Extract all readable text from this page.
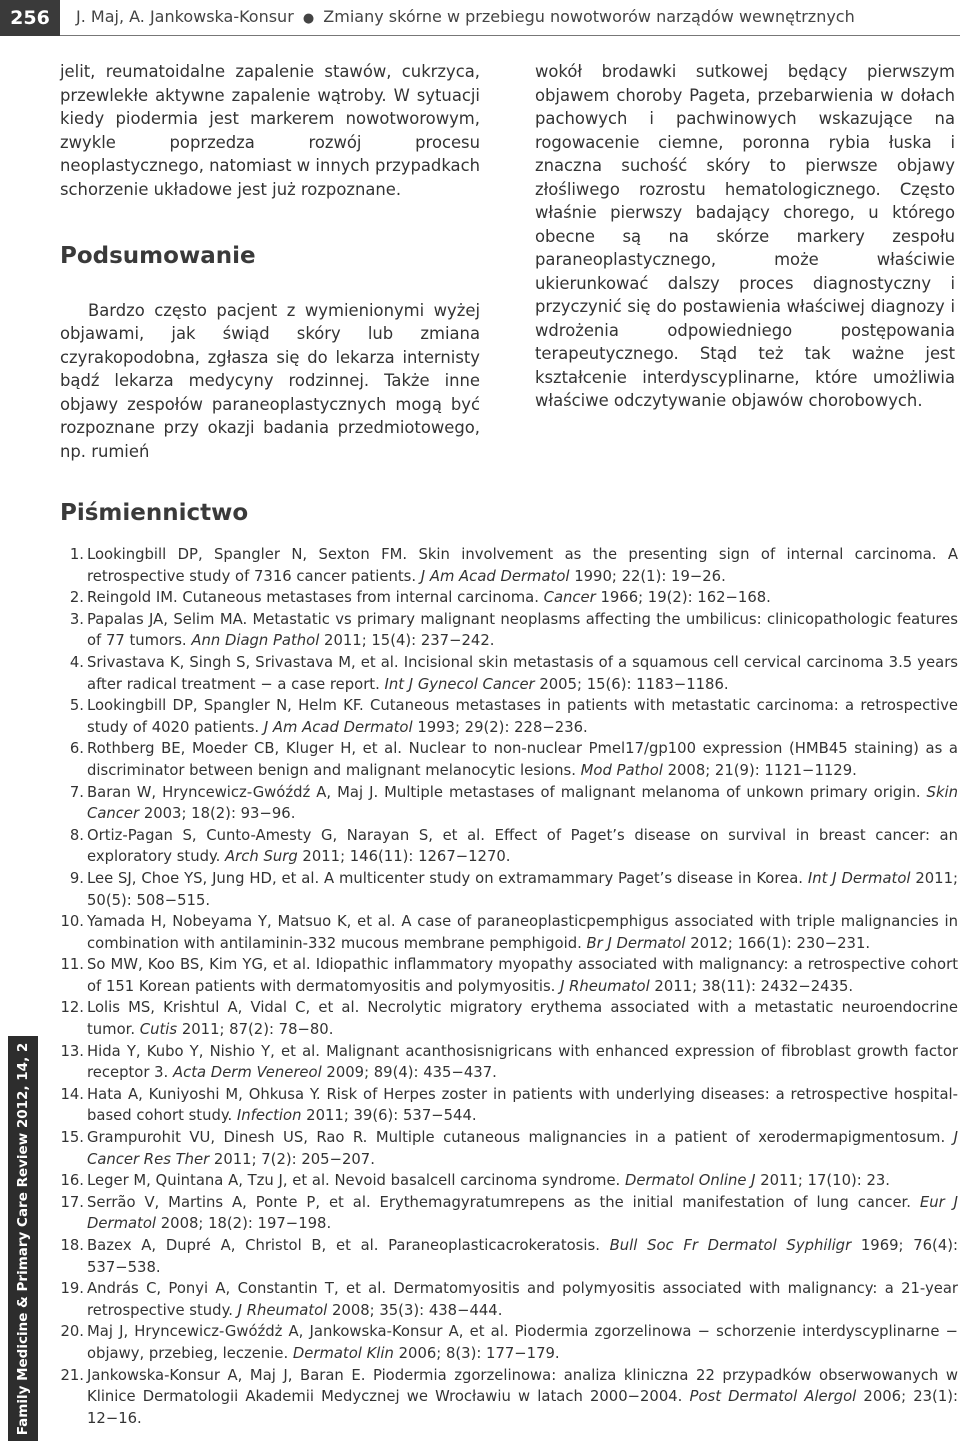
256	J. Maj, A. Jankowska-Konsur ● Zmiany skórne w przebiegu nowotworów narządów wewnętrznych

jelit, reumatoidalne zapalenie stawów, cukrzyca, przewlekłe aktywne zapalenie wątroby. W sytuacji kiedy piodermia jest markerem nowotworowym, zwykle poprzedza rozwój procesu neoplastycznego, natomiast w innych przypadkach schorzenie układowe jest już rozpoznane.

Podsumowanie

Bardzo często pacjent z wymienionymi wyżej objawami, jak świąd skóry lub zmiana czyrakopodobna, zgłasza się do lekarza internisty bądź lekarza medycyny rodzinnej. Także inne objawy zespołów paraneoplastycznych mogą być rozpoznane przy okazji badania przedmiotowego, np. rumień

wokół brodawki sutkowej będący pierwszym objawem choroby Pageta, przebarwienia w dołach pachowych i pachwinowych wskazujące na rogowacenie ciemne, poronna rybia łuska i znaczna suchość skóry to pierwsze objawy złośliwego rozrostu hematologicznego. Często właśnie pierwszy badający chorego, u którego obecne są na skórze markery zespołu paraneoplastycznego, może właściwie ukierunkować dalszy proces diagnostyczny i przyczynić się do postawienia właściwej diagnozy i wdrożenia odpowiedniego postępowania terapeutycznego. Stąd też tak ważne jest kształcenie interdyscyplinarne, które umożliwia właściwe odczytywanie objawów chorobowych.

Piśmiennictwo
1. Lookingbill DP, Spangler N, Sexton FM. Skin involvement as the presenting sign of internal carcinoma. A retrospective study of 7316 cancer patients. J Am Acad Dermatol 1990; 22(1): 19−26.
2. Reingold IM. Cutaneous metastases from internal carcinoma. Cancer 1966; 19(2): 162−168.
3. Papalas JA, Selim MA. Metastatic vs primary malignant neoplasms affecting the umbilicus: clinicopathologic features of 77 tumors. Ann Diagn Pathol 2011; 15(4): 237−242.
4. Srivastava K, Singh S, Srivastava M, et al. Incisional skin metastasis of a squamous cell cervical carcinoma 3.5 years after radical treatment − a case report. Int J Gynecol Cancer 2005; 15(6): 1183−1186.
5. Lookingbill DP, Spangler N, Helm KF. Cutaneous metastases in patients with metastatic carcinoma: a retrospective study of 4020 patients. J Am Acad Dermatol 1993; 29(2): 228−236.
6. Rothberg BE, Moeder CB, Kluger H, et al. Nuclear to non-nuclear Pmel17/gp100 expression (HMB45 staining) as a discriminator between benign and malignant melanocytic lesions. Mod Pathol 2008; 21(9): 1121−1129.
7. Baran W, Hryncewicz-Gwóźdź A, Maj J. Multiple metastases of malignant melanoma of unkown primary origin. Skin Cancer 2003; 18(2): 93−96.
8. Ortiz-Pagan S, Cunto-Amesty G, Narayan S, et al. Effect of Paget’s disease on survival in breast cancer: an exploratory study. Arch Surg 2011; 146(11): 1267−1270.
9. Lee SJ, Choe YS, Jung HD, et al. A multicenter study on extramammary Paget’s disease in Korea. Int J Dermatol 2011; 50(5): 508−515.
10. Yamada H, Nobeyama Y, Matsuo K, et al. A case of paraneoplasticpemphigus associated with triple malignancies in combination with antilaminin-332 mucous membrane pemphigoid. Br J Dermatol 2012; 166(1): 230−231.
11. So MW, Koo BS, Kim YG, et al. Idiopathic inflammatory myopathy associated with malignancy: a retrospective cohort of 151 Korean patients with dermatomyositis and polymyositis. J Rheumatol 2011; 38(11): 2432−2435.
12. Lolis MS, Krishtul A, Vidal C, et al. Necrolytic migratory erythema associated with a metastatic neuroendocrine tumor. Cutis 2011; 87(2): 78−80.
13. Hida Y, Kubo Y, Nishio Y, et al. Malignant acanthosisnigricans with enhanced expression of fibroblast growth factor receptor 3. Acta Derm Venereol 2009; 89(4): 435−437.
14. Hata A, Kuniyoshi M, Ohkusa Y. Risk of Herpes zoster in patients with underlying diseases: a retrospective hospital-based cohort study. Infection 2011; 39(6): 537−544.
15. Grampurohit VU, Dinesh US, Rao R. Multiple cutaneous malignancies in a patient of xerodermapigmentosum. J Cancer Res Ther 2011; 7(2): 205−207.
16. Leger M, Quintana A, Tzu J, et al. Nevoid basalcell carcinoma syndrome. Dermatol Online J 2011; 17(10): 23.
17. Serrão V, Martins A, Ponte P, et al. Erythemagyratumrepens as the initial manifestation of lung cancer. Eur J Dermatol 2008; 18(2): 197−198.
18. Bazex A, Dupré A, Christol B, et al. Paraneoplasticacrokeratosis. Bull Soc Fr Dermatol Syphiligr 1969; 76(4): 537−538.
19. András C, Ponyi A, Constantin T, et al. Dermatomyositis and polymyositis associated with malignancy: a 21-year retrospective study. J Rheumatol 2008; 35(3): 438−444.
20. Maj J, Hryncewicz-Gwóźdż A, Jankowska-Konsur A, et al. Piodermia zgorzelinowa − schorzenie interdyscyplinarne − objawy, przebieg, leczenie. Dermatol Klin 2006; 8(3): 177−179.
21. Jankowska-Konsur A, Maj J, Baran E. Piodermia zgorzelinowa: analiza kliniczna 22 przypadków obserwowanych w Klinice Dermatologii Akademii Medycznej we Wrocławiu w latach 2000−2004. Post Dermatol Alergol 2006; 23(1): 12−16.
Family Medicine & Primary Care Review 2012, 14, 2
